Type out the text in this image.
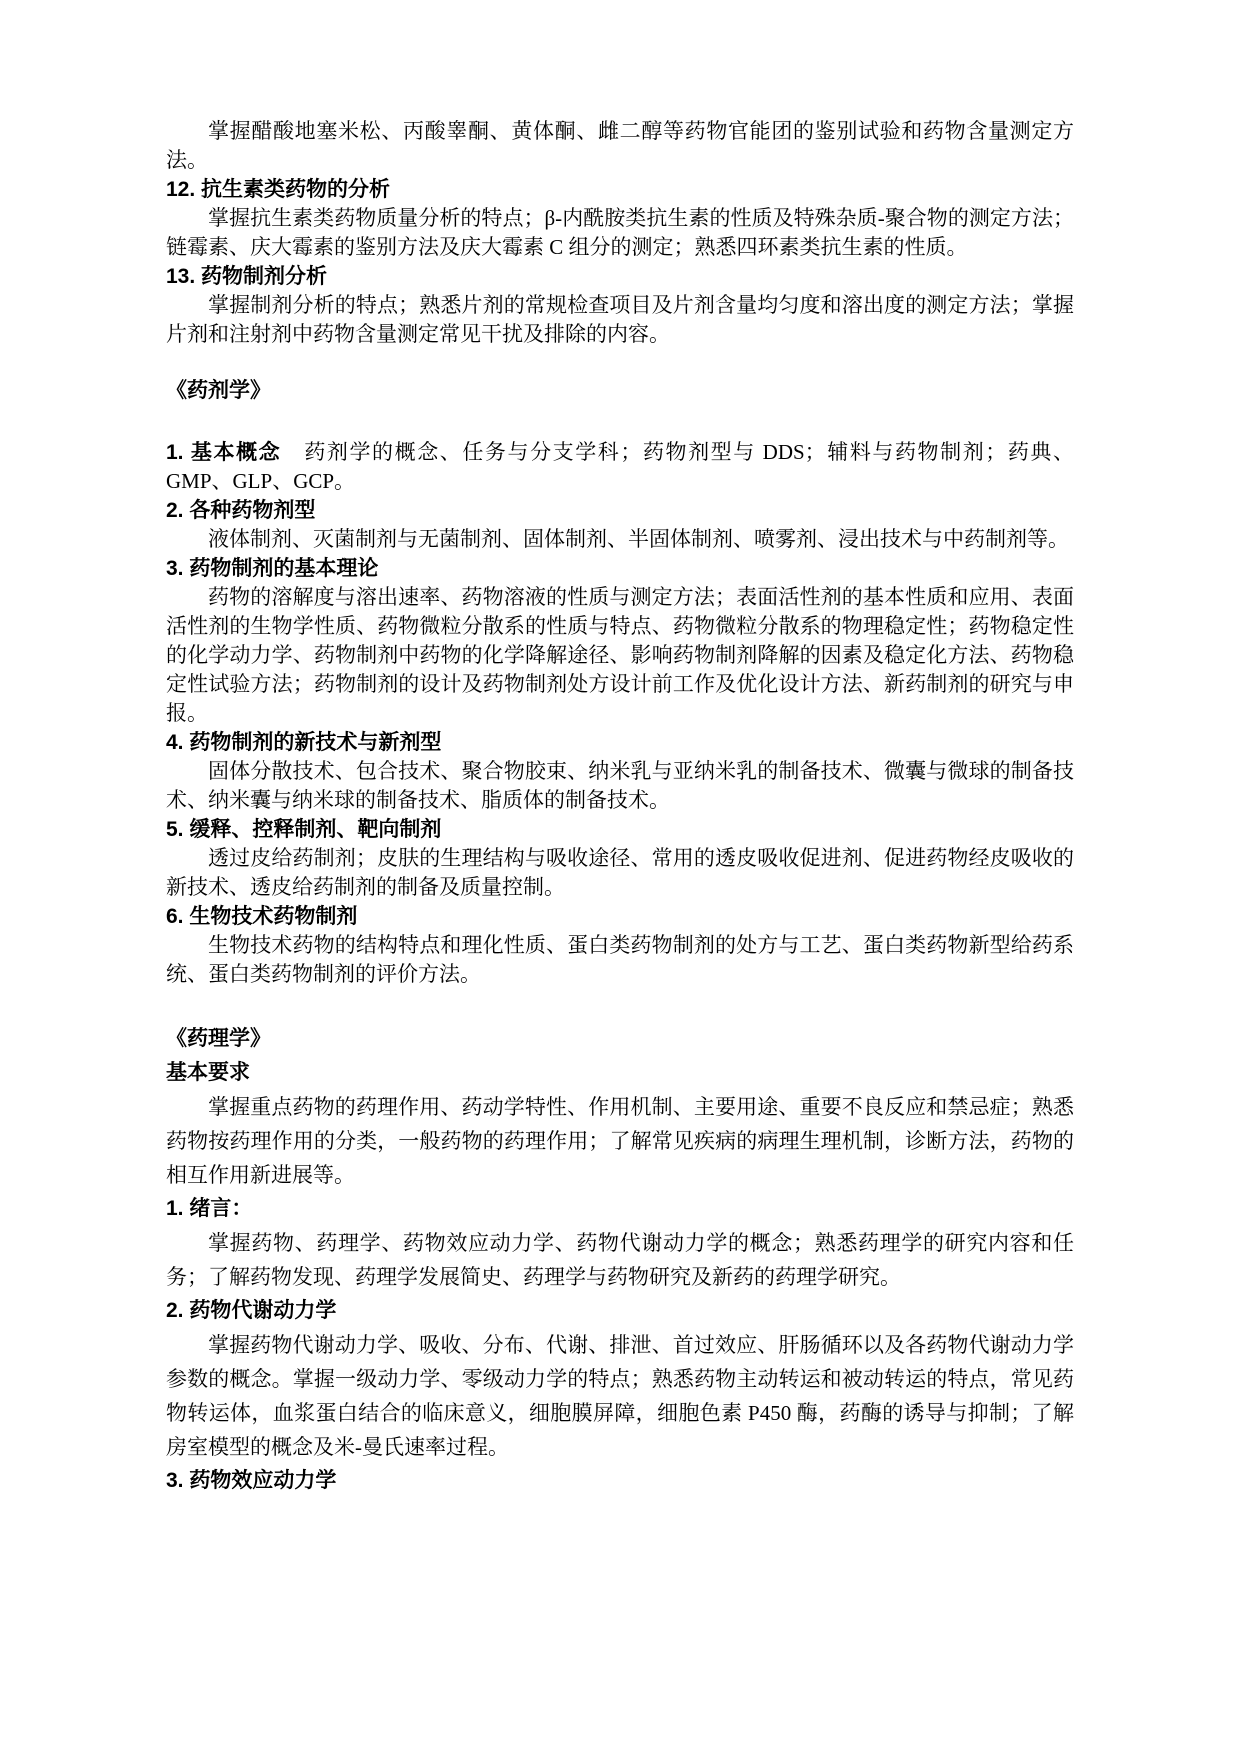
掌握醋酸地塞米松、丙酸睾酮、黄体酮、雌二醇等药物官能团的鉴别试验和药物含量测定方法。

12. 抗生素类药物的分析

掌握抗生素类药物质量分析的特点；β-内酰胺类抗生素的性质及特殊杂质-聚合物的测定方法；链霉素、庆大霉素的鉴别方法及庆大霉素 C 组分的测定；熟悉四环素类抗生素的性质。

13. 药物制剂分析

掌握制剂分析的特点；熟悉片剂的常规检查项目及片剂含量均匀度和溶出度的测定方法；掌握片剂和注射剂中药物含量测定常见干扰及排除的内容。

《药剂学》

1. 基本概念 药剂学的概念、任务与分支学科；药物剂型与 DDS；辅料与药物制剂；药典、GMP、GLP、GCP。

2. 各种药物剂型

液体制剂、灭菌制剂与无菌制剂、固体制剂、半固体制剂、喷雾剂、浸出技术与中药制剂等。

3. 药物制剂的基本理论

药物的溶解度与溶出速率、药物溶液的性质与测定方法；表面活性剂的基本性质和应用、表面活性剂的生物学性质、药物微粒分散系的性质与特点、药物微粒分散系的物理稳定性；药物稳定性的化学动力学、药物制剂中药物的化学降解途径、影响药物制剂降解的因素及稳定化方法、药物稳定性试验方法；药物制剂的设计及药物制剂处方设计前工作及优化设计方法、新药制剂的研究与申报。

4. 药物制剂的新技术与新剂型

固体分散技术、包合技术、聚合物胶束、纳米乳与亚纳米乳的制备技术、微囊与微球的制备技术、纳米囊与纳米球的制备技术、脂质体的制备技术。

5. 缓释、控释制剂、靶向制剂

透过皮给药制剂；皮肤的生理结构与吸收途径、常用的透皮吸收促进剂、促进药物经皮吸收的新技术、透皮给药制剂的制备及质量控制。

6. 生物技术药物制剂

生物技术药物的结构特点和理化性质、蛋白类药物制剂的处方与工艺、蛋白类药物新型给药系统、蛋白类药物制剂的评价方法。

《药理学》

基本要求

掌握重点药物的药理作用、药动学特性、作用机制、主要用途、重要不良反应和禁忌症；熟悉药物按药理作用的分类，一般药物的药理作用；了解常见疾病的病理生理机制，诊断方法，药物的相互作用新进展等。

1. 绪言：

掌握药物、药理学、药物效应动力学、药物代谢动力学的概念；熟悉药理学的研究内容和任务；了解药物发现、药理学发展简史、药理学与药物研究及新药的药理学研究。

2. 药物代谢动力学

掌握药物代谢动力学、吸收、分布、代谢、排泄、首过效应、肝肠循环以及各药物代谢动力学参数的概念。掌握一级动力学、零级动力学的特点；熟悉药物主动转运和被动转运的特点，常见药物转运体，血浆蛋白结合的临床意义，细胞膜屏障，细胞色素 P450 酶，药酶的诱导与抑制；了解房室模型的概念及米-曼氏速率过程。

3. 药物效应动力学
